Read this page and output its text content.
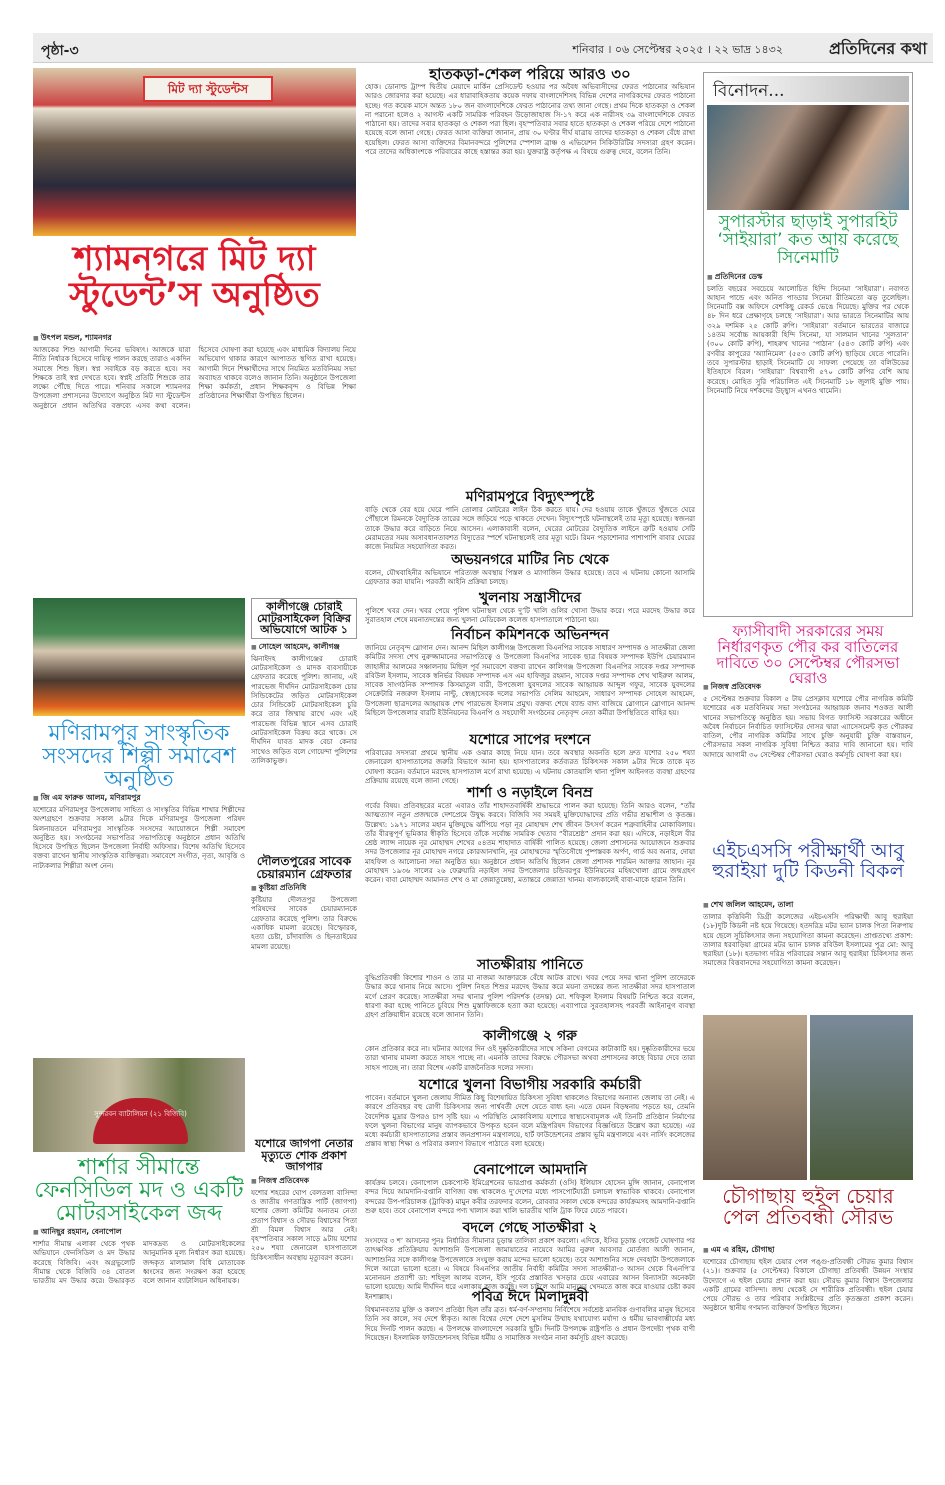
পৃষ্ঠা-৩	শনিবার । ০৬ সেপ্টেম্বর ২০২৫ । ২২ ভাদ্র ১৪৩২	প্রতিদিনের কথা
মিট দ্যা স্টুডেন্টস
শ্যামনগরে মিট দ্যা স্টুডেন্ট’স অনুষ্ঠিত
■ উৎপল মন্ডল, শ্যামনগর
আজকের শিশু আগামী দিনের ভবিষ্যৎ। আজকে যারা নীতি নির্ধারক হিসেবে দায়িত্ব পালন করছে তারাও একদিন সমাজে শিশু ছিল। স্বপ্ন সবাইকে বড় করতে হবে। সব শিক্ষকে তাই স্বপ্ন দেখতে হবে। স্বপ্নই প্রতিটি শিশুকে তার লক্ষ্যে পৌঁছে দিতে পারে। শনিবার সকালে শ্যামনগর উপজেলা প্রশাসনের উদ্যোগে অনুষ্ঠিত মিট দ্যা স্টুডেন্টস অনুষ্ঠানে প্রধান অতিথির বক্তব্যে এসব কথা বলেন। হিসেবে ঘোষণা করা হয়েছে এবং মাধ্যমিক বিদ্যালয় নিয়ে অভিযোগ থাকার কারণে আপাতত স্থগিত রাখা হয়েছে। আগামী দিনে শিক্ষার্থীদের সাথে নিয়মিত মতবিনিময় সভা অব্যাহত থাকবে বলেও জানান তিনি। অনুষ্ঠানে উপজেলা শিক্ষা কর্মকর্তা, প্রধান শিক্ষকবৃন্দ ও বিভিন্ন শিক্ষা প্রতিষ্ঠানের শিক্ষার্থীরা উপস্থিত ছিলেন।
মণিরামপুর সাংস্কৃতিক সংসদের শিল্পী সমাবেশ অনুষ্ঠিত
■ জি এম ফারুক আলম, মণিরামপুর
যশোরের মণিরামপুর উপজেলায় সাহিত্য ও সাংস্কৃতির বিভিন্ন শাখার শিল্পীদের অংশগ্রহণে শুক্রবার সকাল ৯টার দিকে মণিরামপুর উপজেলা পরিষদ মিলনায়তনে মণিরামপুর সাংস্কৃতিক সংসদের আয়োজনে শিল্পী সমাবেশ অনুষ্ঠিত হয়। সংগঠনের সভাপতির সভাপতিত্বে অনুষ্ঠানে প্রধান অতিথি হিসেবে উপস্থিত ছিলেন উপজেলা নির্বাহী অফিসার। বিশেষ অতিথি হিসেবে বক্তব্য রাখেন স্থানীয় সাংস্কৃতিক ব্যক্তিত্বরা। সমাবেশে সংগীত, নৃত্য, আবৃত্তি ও নাট্যকলার শিল্পীরা অংশ নেন।
সুন্দরবন ব্যাটালিয়ন (২১ বিজিবি)
শার্শার সীমান্তে ফেনসিডিল মদ ও একটি মোটরসাইকেল জব্দ
■ আনিছুর রহমান, বেনাপোল
শার্শার সীমান্ত এলাকা থেকে পৃথক অভিযানে ফেনসিডিল ও মদ উদ্ধার করেছে বিজিবি। এবং অগ্রভুলোট সীমান্ত থেকে বিজিবি ৩৪ বোতল ভারতীয় মদ উদ্ধার করে। উদ্ধারকৃত মাদকদ্রব্য ও মোটরসাইকেলের আনুমানিক মূল্য নির্ধারণ করা হয়েছে। জব্দকৃত মালামাল বিধি মোতাবেক ধ্বংসের জন্য সংরক্ষণ করা হয়েছে বলে জানান ব্যাটালিয়ন অধিনায়ক।
কালীগঞ্জে চোরাই মোটরসাইকেল বিক্রির অভিযোগে আটক ১
■ সোহেল আহমেদ, কালীগঞ্জ
ঝিনাইদহ কালীগঞ্জের চোরাই মোটরসাইকেল ও মাদক ব্যবসায়ীকে গ্রেফতার করেছে পুলিশ। জানায়, এই পারভেজ দীর্ঘদিন মোটরসাইকেল চোর সিন্ডিকেটের জড়িত মোটরসাইকেল চোর সিন্ডিকেট মোটরসাইকেল চুরি করে তার জিম্মায় রাখে এবং এই পারভেজ বিভিন্ন স্থানে এসব চোরাই মোটরসাইকেল বিক্রয় করে থাকে। সে দীর্ঘদিন যাবত মাদক বেচা কেনার সাথেও জড়িত বলে গোয়েন্দা পুলিশের তালিকাভুক্ত।
দৌলতপুরের সাবেক চেয়ারম্যান গ্রেফতার
■ কুষ্টিয়া প্রতিনিধি
কুষ্টিয়ার দৌলতপুর উপজেলা পরিষদের সাবেক চেয়ারম্যানকে গ্রেফতার করেছে পুলিশ। তার বিরুদ্ধে একাধিক মামলা রয়েছে। বিস্ফোরক, হত্যা চেষ্টা, চাঁদাবাজি ও ছিনতাইয়ের মামলা রয়েছে।
যশোরে জাগপা নেতার মৃত্যুতে শোক প্রকাশ জাগপার
■ নিজস্ব প্রতিবেদক
যশোর শহরের ঘোপ বেলতলা বাসিন্দা ও জাতীয় গণতান্ত্রিক পার্টি (জাগপা) যশোর জেলা কমিটির অন্যতম নেতা প্রতাপ বিশ্বাস ও সৌরভ বিশ্বাসের পিতা শ্রী বিমল বিশ্বাস আর নেই। বৃহস্পতিবার সকাল সাড়ে ৯টায় যশোর ২৫০ শয্যা জেনারেল হাসপাতালে চিকিৎসাধীন অবস্থায় মৃত্যুবরণ করেন।
হাতকড়া-শেকল পরিয়ে আরও ৩০
হোক। ডোনাল্ড ট্রাম্প দ্বিতীয় মেয়াদে মার্কিন প্রেসিডেন্ট হওয়ার পর অবৈধ অভিবাসীদের ফেরত পাঠানোর অভিযান আরও জোরদার করা হয়েছে। এর ধারাবাহিকতায় কয়েক দফায় বাংলাদেশিসহ বিভিন্ন দেশের নাগরিকদের ফেরত পাঠানো হচ্ছে। গত কয়েক মাসে অন্তত ১৮০ জন বাংলাদেশিকে ফেরত পাঠানোর তথ্য জানা গেছে। প্রথম দিকে হাতকড়া ও শেকল না পরানো হলেও ২ আগস্ট একটি সামরিক পরিবহন উড়োজাহাজ সি-১৭ করে এক নারীসহ ৩৯ বাংলাদেশিকে ফেরত পাঠানো হয়। তাদের সবার হাতকড়া ও শেকল পরা ছিল। বৃহস্পতিবার সবার হাতে হাতকড়া ও শেকল পরিয়ে দেশে পাঠানো হয়েছে বলে জানা গেছে। ফেরত আসা ব্যক্তিরা জানান, প্রায় ৩০ ঘণ্টার দীর্ঘ যাত্রায় তাদের হাতকড়া ও শেকল বেঁধে রাখা হয়েছিল। ফেরত আসা ব্যক্তিদের বিমানবন্দরে পুলিশের স্পেশাল ব্রাঞ্চ ও এভিয়েশন সিকিউরিটির সদস্যরা গ্রহণ করেন। পরে তাদের অধিকাংশকে পরিবারের কাছে হস্তান্তর করা হয়। যুক্তরাষ্ট্র কর্তৃপক্ষ এ বিষয়ে গুরুত্ব দেবে, বলেন তিনি।
মণিরামপুরে বিদ্যুৎস্পৃষ্টে
বাড়ি থেকে বের হয়ে ঘেরে পানি তোলার মোটরের লাইন ঠিক করতে যায়। দের হওয়ায় তাকে খুঁজতে খুঁজতে ঘেরে পৌঁছালে রিমনকে বৈদ্যুতিক তারের সঙ্গে জড়িয়ে পড়ে থাকতে দেখেন। বিদ্যুৎস্পৃষ্টে ঘটনাস্থলেই তার মৃত্যু হয়েছে। স্বজনরা তাকে উদ্ধার করে বাড়িতে নিয়ে আসেন। এলাকাবাসী বলেন, ঘেরের মোটরের বৈদ্যুতিক লাইনে ত্রুটি হওয়ায় সেটি মেরামতের সময় অসাবধানতাবশত বিদ্যুতের স্পর্শে ঘটনাস্থলেই তার মৃত্যু ঘটে। রিমন পড়াশোনার পাশাপাশি বাবার ঘেরের কাজে নিয়মিত সহযোগিতা করত।
অভয়নগরে মাটির নিচ থেকে
বলেন, যৌথবাহিনীর অভিযানে পরিত্যক্ত অবস্থায় পিস্তল ও ম্যাগাজিন উদ্ধার হয়েছে। তবে এ ঘটনায় কোনো আসামি গ্রেফতার করা যায়নি। পরবর্তী আইনি প্রক্রিয়া চলছে।
খুলনায় সন্ত্রাসীদের
পুলিশে খবর দেন। খবর পেয়ে পুলিশ ঘটনাস্থল থেকে দু’টি খালি গুলির খোসা উদ্ধার করে। পরে মরদেহ উদ্ধার করে সুরাতহাল শেষে ময়নাতদন্তের জন্য খুলনা মেডিকেল কলেজ হাসপাতালে পাঠানো হয়।
নির্বাচন কমিশনকে অভিনন্দন
জানিয়ে নেতৃবৃন্দ স্লোগান দেন। আনন্দ মিছিল কালীগঞ্জ উপজেলা বিএনপির সাবেক সাধারণ সম্পাদক ও সাতক্ষীরা জেলা কমিটির সদস্য শেখ নুরুজ্জামানের সভাপতিত্বে ও উপজেলা বিএনপির সাবেক ছাত্র বিষয়ক সম্পাদক ইউপি চেয়ারম্যান জাহাঙ্গীর আলমের সঞ্চালনায় মিছিল পূর্ব সমাবেশে বক্তব্য রাখেন কালিগঞ্জ উপজেলা বিএনপির সাবেক দপ্তর সম্পাদক রবিউল ইসলাম, সাবেক স্বনির্ভর বিষয়ক সম্পাদক এস এম হাফিজুর রহমান, সাবেক দপ্তর সম্পাদক শেখ খাইরুল আলম, সাবেক সাংগঠনিক সম্পাদক কিসমাতুল বারী, উপজেলা যুবদলের সাবেক আহ্বায়ক আব্দুল গফুর, সাবেক যুবদলের সেক্রেটারি নজরুল ইসলাম নান্টু, স্বেচ্ছাসেবক দলের সভাপতি সেলিম আহমেদ, সাধারণ সম্পাদক সোহেল আহমেদ, উপজেলা ছাত্রদলের আহ্বায়ক শেখ পারভেজ ইসলাম প্রমুখ। বক্তব্য শেষে ব্যান্ড বাদ্য বাজিয়ে স্লোগানে স্লোগানে আনন্দ মিছিলে উপজেলার বারটি ইউনিয়নের বিএনপি ও সহযোগী সংগঠনের নেতৃবৃন্দ নেতা কর্মীরা উপস্থিতিতে বাহির হয়।
যশোরে সাপের দংশনে
পরিবারের সদস্যরা প্রথমে স্থানীয় এক ওঝার কাছে নিয়ে যান। তবে অবস্থার অবনতি হলে দ্রুত যশোর ২৫০ শয্যা জেনারেল হাসপাতালের জরুরি বিভাগে আনা হয়। হাসপাতালের কর্তব্যরত চিকিৎসক সকাল ৯টার দিকে তাকে মৃত ঘোষণা করেন। বর্তমানে মরদেহ হাসপাতাল মর্গে রাখা হয়েছে। এ ঘটনায় কোতয়ালি থানা পুলিশ আইনগত ব্যবস্থা গ্রহণের প্রক্রিয়ায় রয়েছে বলে জানা গেছে।
শার্শা ও নড়াইলে বিনম্র
গর্বের বিষয়। প্রতিবছরের মতো এবারও তাঁর শাহাদতবার্ষিকী শ্রদ্ধাভরে পালন করা হয়েছে। তিনি আরও বলেন, “তাঁর আত্মত্যাগ নতুন প্রজন্মকে দেশপ্রেমে উদ্বুদ্ধ করবে। বিজিবি সব সময়ই মুক্তিযোদ্ধাদের প্রতি গভীর শ্রদ্ধাশীল ও কৃতজ্ঞ। উল্লেখ্য: ১৯৭১ সালের মহান মুক্তিযুদ্ধে ঝাঁপিয়ে পড়া নূর মোহাম্মদ শেখ জীবন উৎসর্গ করেন শত্রুবাহিনীর মোকাবিলায়। তাঁর বীরত্বপূর্ণ ভূমিকার স্বীকৃতি হিসেবে তাঁকে সর্বোচ্চ সামরিক খেতাব “বীরশ্রেষ্ঠ” প্রদান করা হয়। এদিকে, নড়াইলে বীর শ্রেষ্ঠ ল্যান্স নায়েক নূর মোহাম্মদ শেখের ৫৪তম শাহাদাত বার্ষিকী পালিত হয়েছে। জেলা প্রশাসনের আয়োজনে শুক্রবার সদর উপজেলার নূর মোহাম্মদ নগরে কোরআনখানি, নূর মোহাম্মদের স্মৃতিসৌধে পুষ্পস্তবক অর্পণ, গার্ড অব অনার, দোয়া মাহফিল ও আলোচনা সভা অনুষ্ঠিত হয়। অনুষ্ঠানে প্রধান অতিথি ছিলেন জেলা প্রশাসক শারমিন আক্তার জাহান। নূর মোহাম্মদ ১৯৩৬ সালের ২৬ ফেব্রুয়ারি নড়াইল সদর উপজেলার চন্ডিবরপুর ইউনিয়নের মহিষখোলা গ্রামে জন্মগ্রহণ করেন। বাবা মোহাম্মদ আমানত শেখ ও মা জেন্নাতুন্নেছা, মতান্তরে জেন্নাতা খানম। বাল্যকালেই বাবা-মাকে হারান তিনি।
সাতক্ষীরায় পানিতে
বুদ্ধিপ্রতিবন্ধী কিশোর শাওন ও তার মা নাজমা আক্তারকে বেঁধে আটক রাখে। খবর পেয়ে সদর থানা পুলিশ তাদেরকে উদ্ধার করে থানায় নিয়ে আসে। পুলিশ নিহত শিশুর মরদেহ উদ্ধার করে ময়না তদন্তের জন্য সাতক্ষীরা সদর হাসপাতাল মর্গে প্রেরণ করেছে। সাতক্ষীরা সদর থানার পুলিশ পরিদর্শক (তদন্ত) মো. শফিকুল ইসলাম বিষয়টি নিশ্চিত করে বলেন, ধারণা করা হচ্ছে পানিতে চুবিয়ে শিশু মুস্তাফিজকে হত্যা করা হয়েছে। এব্যাপারে সুরতহালসহ পরবর্তী আইনানুগ ব্যবস্থা গ্রহণ প্রক্রিয়াধীন রয়েছে বলে জানান তিনি।
কালীগঞ্জে ২ গরু
কোন প্রতিকার করে না। ঘটনার আগের দিন ওই দুষ্কৃতিকারীদের সাথে সকিনা বেগমের কাটাকাটি হয়। দুষ্কৃতিকারীদের ভয়ে তারা থানায় মামলা করতে সাহস পাচ্ছে না। এমনকি তাদের বিরুদ্ধে পৌরসভা অথবা প্রশাসনের কাছে বিচার দেবে তারা সাহস পাচ্ছে না। তারা বিশেষ একটি রাজনৈতিক দলের সদস্য।
যশোরে খুলনা বিভাগীয় সরকারি কর্মচারী
পাবেন। বর্তমানে খুলনা জেলায় সীমিত কিছু বিশেষায়িত চিকিৎসা সুবিধা থাকলেও বিভাগের অন্যান্য জেলায় তা নেই। এ কারণে প্রতিবছর বহু রোগী চিকিৎসার জন্য পার্শ্ববর্তী দেশে যেতে বাধ্য হন। এতে যেমন বিড়ম্বনায় পড়তে হয়, তেমনি বৈদেশিক মুদ্রার উপরও চাপ সৃষ্টি হয়। এ পরিস্থিতি মোকাবিলায় যশোরে স্বাস্থ্যসেবামূলক এই তিনটি প্রতিষ্ঠান নির্মাণের ফলে খুলনা বিভাগের মানুষ ব্যাপকভাবে উপকৃত হবেন বলে মন্ত্রিপরিষদ বিভাগের বিজ্ঞপ্তিতে উল্লেখ করা হয়েছে। এর মধ্যে কর্মচারী হাসপাতালের প্রস্তাব জনপ্রশাসন মন্ত্রণালয়ে, হার্ট ফাউন্ডেশনের প্রস্তাব ভূমি মন্ত্রণালয়ে এবং নার্সিং কলেজের প্রস্তাব স্বাস্থ্য শিক্ষা ও পরিবার কল্যাণ বিভাগে পাঠাতে বলা হয়েছে।
বেনাপোলে আমদানি
কার্যক্রম চলবে। বেনাপোল চেকপোস্ট ইমিগ্রেশনের ভারপ্রাপ্ত কর্মকর্তা (ওসি) ইলিয়াস হোসেন মুন্সি জানান, বেনাপোল বন্দর দিয়ে আমদানি-রপ্তানি বাণিজ্য বন্ধ থাকলেও দু’দেশের মধ্যে পাসপোর্টযাত্রী চলাচল স্বাভাবিক থাকবে। বেনাপোল বন্দরের উপ-পরিচালক (ট্রাফিক) মামুন কবীর তরফদার বলেন, রোববার সকাল থেকে বন্দরের কার্যক্রমসহ আমদানি-রপ্তানি শুরু হবে। তবে বেনাপোল বন্দরে পণ্য খালাস করা খালি ভারতীয় খালি ট্রাক ফিরে যেতে পারবে।
বদলে গেছে সাতক্ষীরা ২
সংসদের ৩ শ’ আসনের পুনঃ নির্ধারিত সীমানার চূড়ান্ত তালিকা প্রকাশ করলো। এদিকে, ইসির চূড়ান্ত গেজেট ঘোষণার পর তাৎক্ষণিক প্রতিক্রিয়ায় আশাশুনি উপজেলা জামায়াতের নায়েবে আমির নুরুল আবসার মোর্তজা আলী জানান, আশাশুনির সঙ্গে কালীগঞ্জ উপজেলাকে সংযুক্ত করায় মন্দের ভালো হয়েছে। তবে আশাশুনির সঙ্গে দেবহাটা উপজেলাকে দিলে আরো ভালো হতো। এ বিষয়ে বিএনপির জাতীয় নির্বাহী কমিটির সদস্য সাতক্ষীরা-৩ আসন থেকে বিএনপি’র মনোনয়ন প্রত্যাশী ডা: শহিদুল আলম বলেন, ইসি পূর্বের প্রস্তাবিত খসড়ার চেয়ে এবারের আসন বিন্যাসটা অনেকটা ভালো হয়েছে। আমি দীর্ঘদিন ধরে এলাকায় কাজ করছি। দল চাইলে আমি মানুষের খেদমতে কাজ করে যাওয়ার চেষ্টা করব ইনশাল্লাহ।	পবিত্র ঈদে মিলাদুন্নবী
বিশ্বমানবতার মুক্তি ও কল্যাণ প্রতিষ্ঠা ছিল তাঁর ব্রত। ধর্ম-বর্ণ-সম্প্রদায় নির্বিশেষে সর্বশ্রেষ্ঠ মানবিক গুণাবলির মানুষ হিসেবে তিনি সব কালে, সব দেশে স্বীকৃত। আজ বিশ্বের দেশে দেশে মুসলিম উম্মাহ যথাযোগ্য মর্যাদা ও ধর্মীয় ভাবগাম্ভীর্যের মধ্য দিয়ে দিনটি পালন করছে। এ উপলক্ষে বাংলাদেশে সরকারি ছুটি। দিনটি উপলক্ষে রাষ্ট্রপতি ও প্রধান উপদেষ্টা পৃথক বাণী দিয়েছেন। ইসলামিক ফাউন্ডেশনসহ বিভিন্ন ধর্মীয় ও সামাজিক সংগঠন নানা কর্মসূচি গ্রহণ করেছে।
বিনোদন...
সুপারস্টার ছাড়াই সুপারহিট ‘সাইয়ারা’ কত আয় করেছে সিনেমাটি
■ প্রতিদিনের ডেস্ক
চলতি বছরের সবচেয়ে আলোচিত হিন্দি সিনেমা ‘সাইয়ারা’। নবাগত আহান পান্ডে এবং অনিত পাড্ডার সিনেমা রীতিমতো ঝড় তুলেছিল। সিনেমাটি বক্স অফিসে বেশকিছু রেকর্ড ভেঙে দিয়েছে। মুক্তির পর থেকে ৪৮ দিন ধরে প্রেক্ষাগৃহে চলছে ‘সাইয়ারা’। আর ভারতে সিনেমাটির আয় ৩২৯ দশমিক ২৫ কোটি রুপি। ‘সাইয়ারা’ বর্তমানে ভারতের বাজারে ১৪তম সর্বোচ্চ আয়কারী হিন্দি সিনেমা, যা সালমান খানের ‘সুলতান’ (৩০০ কোটি রুপি), শাহরুখ খানের ‘পাঠান’ (৫৪৩ কোটি রুপি) এবং রণবীর কাপুরের ‘অ্যানিমেল’ (৫৫৩ কোটি রুপি) ছাড়িয়ে যেতে পারেনি। তবে সুপারস্টার ছাড়াই সিনেমাটি যে সাফল্য পেয়েছে তা বলিউডের ইতিহাসে বিরল। ‘সাইয়ারা’ বিশ্বব্যাপী ৫৭০ কোটি রুপির বেশি আয় করেছে। মোহিত সুরি পরিচালিত এই সিনেমাটি ১৮ জুলাই মুক্তি পায়। সিনেমাটি নিয়ে দর্শকদের উচ্ছ্বাস এখনও থামেনি।
ফ্যাসীবাদী সরকারের সময় নির্ধারণকৃত পৌর কর বাতিলের দাবিতে ৩০ সেপ্টেম্বর পৌরসভা ঘেরাও
■ নিজস্ব প্রতিবেদক
৫ সেপ্টেম্বর শুক্রবার বিকাল ৫ টায় প্রেসক্লাব যশোরে পৌর নাগরিক কমিটি যশোরের এক মতবিনিময় সভা সংগঠনের আহ্বায়ক জনাব শওকত আলী খানের সভাপতিত্বে অনুষ্ঠিত হয়। সভায় বিগত ফ্যাসিস্ট সরকারের অধীনে অবৈধ নির্বাচনে নির্বাচিত ফ্যাসিস্টের দোসর দ্বারা এ্যাসেসমেন্ট কৃত পৌরকর বাতিল, পৌর নাগরিক কমিটির সাথে চুক্তি অনুযায়ী চুক্তি বাস্তবায়ন, পৌরসভার সকল নাগরিক সুবিধা নিশ্চিত করার দাবি জানানো হয়। দাবি আদায়ে আগামী ৩০ সেপ্টেম্বর পৌরসভা ঘেরাও কর্মসূচি ঘোষণা করা হয়।
এইচএসসি পরীক্ষার্থী আবু হুরাইয়া দুটি কিডনী বিকল
■ শেখ জলিল আহমেদ, তালা
তালার কৃত্তিবিনী ডিগ্রী কলেজের এইচএসসি পরিক্ষার্থী আবু হুরাইয়া (১৮)দুটি কিডনী নষ্ট হয়ে গিয়েছে। হতদরিদ্র মটর ভ্যান চালক পিতা নিরুপায় হয়ে ছেলে সুচিকিৎসার জন্য সহযোগিতা কামনা করেছেন। প্রাপ্ততথ্যে প্রকাশ: তালার ধরবাড়িয়া গ্রামের মটর ভ্যান চালক রবিউল ইসলামের পুত্র মো: আবু হুরাইয়া (১৮)। হতভাগ্য দরিদ্র পরিবারের সন্তান আবু হুরাইয়া চিকিৎসার জন্য সমাজের বিত্তবানদের সহযোগিতা কামনা করেছেন।
চৌগাছায় হুইল চেয়ার পেল প্রতিবন্ধী সৌরভ
■ এম এ রহিম, চৌগাছা
যশোরের চৌগাছায় হুইল চেয়ার পেল পঙ্গু-প্রতিবন্ধী সৌরভ কুমার বিশ্বাস (২১)। শুক্রবার (৫ সেপ্টেম্বর) বিকালে চৌগাছা প্রতিবন্ধী উন্নয়ন সংস্থার উদ্যোগে এ হুইল চেয়ার প্রদান করা হয়। সৌরভ কুমার বিশ্বাস উপজেলার একটি গ্রামের বাসিন্দা। জন্ম থেকেই সে শারীরিক প্রতিবন্ধী। হুইল চেয়ার পেয়ে সৌরভ ও তার পরিবার সংশ্লিষ্টদের প্রতি কৃতজ্ঞতা প্রকাশ করেন। অনুষ্ঠানে স্থানীয় গণমান্য ব্যক্তিবর্গ উপস্থিত ছিলেন।
